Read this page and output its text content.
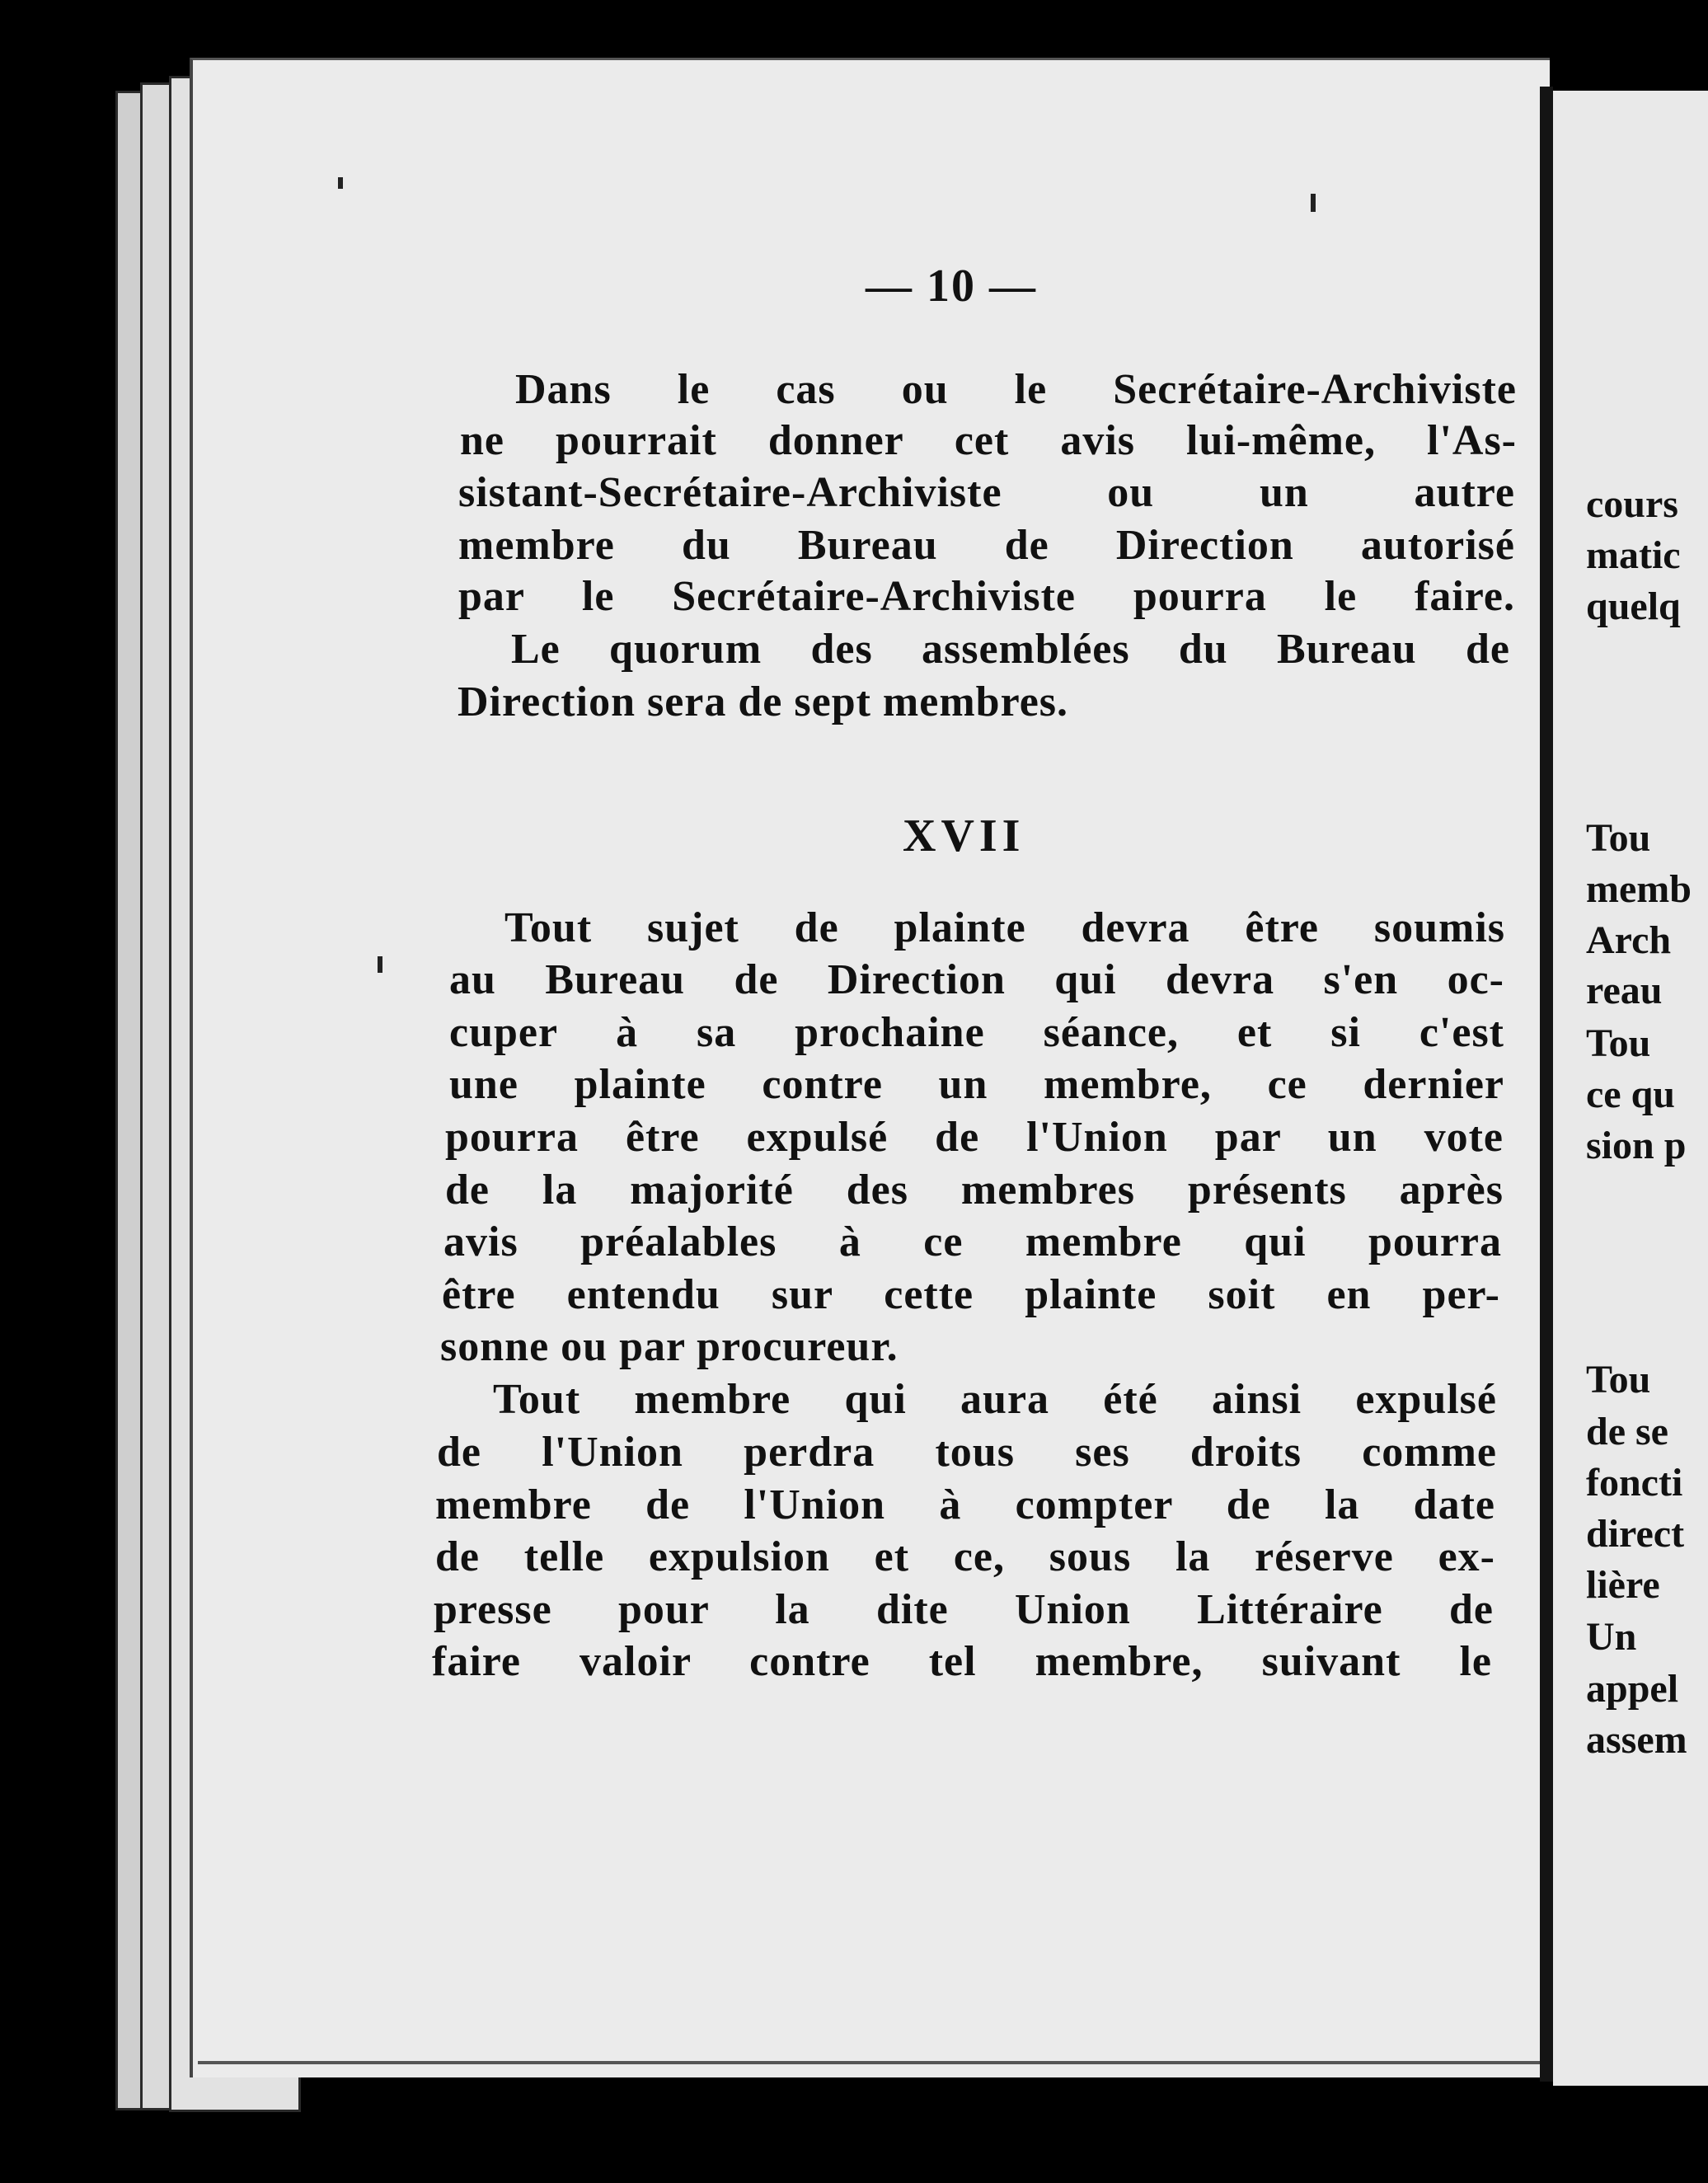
— 10 —
Dans le cas ou le Secrétaire-Archiviste
ne pourrait donner cet avis lui-même, l'As-
sistant-Secrétaire-Archiviste ou un autre
membre du Bureau de Direction autorisé
par le Secrétaire-Archiviste pourra le faire.
Le quorum des assemblées du Bureau de
Direction sera de sept membres.
XVII
Tout sujet de plainte devra être soumis
au Bureau de Direction qui devra s'en oc-
cuper à sa prochaine séance, et si c'est
une plainte contre un membre, ce dernier
pourra être expulsé de l'Union par un vote
de la majorité des membres présents après
avis préalables à ce membre qui pourra
être entendu sur cette plainte soit en per-
sonne ou par procureur.
Tout membre qui aura été ainsi expulsé
de l'Union perdra tous ses droits comme
membre de l'Union à compter de la date
de telle expulsion et ce, sous la réserve ex-
presse pour la dite Union Littéraire de
faire valoir contre tel membre, suivant le
cours
matic
quelq
Tou
memb
Arch
reau
Tou
ce qu
sion p
Tou
de se
foncti
direct
lière
Un
appel
assem
